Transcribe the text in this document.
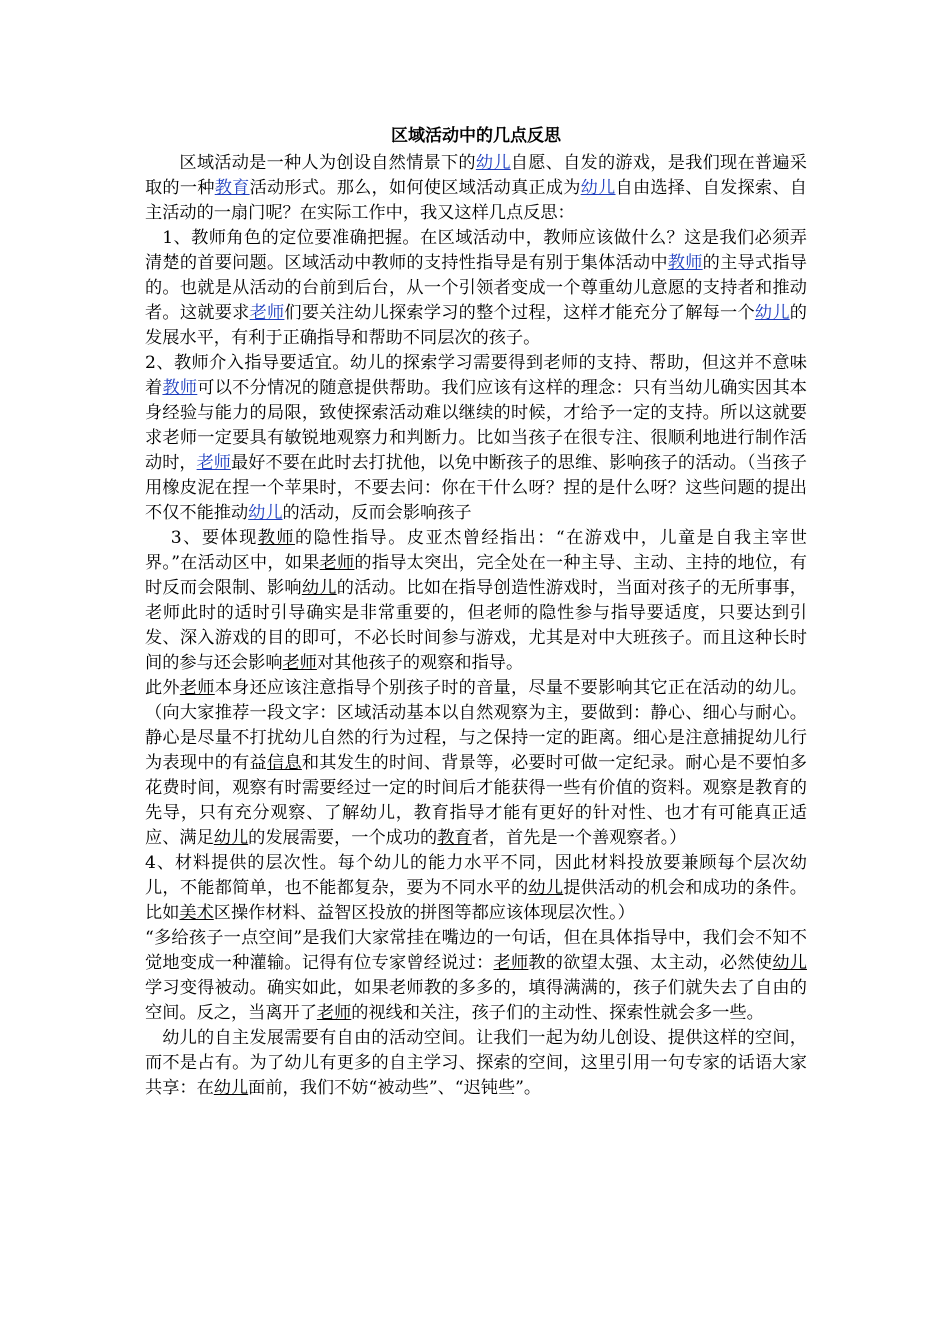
区域活动中的几点反思

区域活动是一种人为创设自然情景下的幼儿自愿、自发的游戏，是我们现在普遍采取的一种教育活动形式。那么，如何使区域活动真正成为幼儿自由选择、自发探索、自主活动的一扇门呢？在实际工作中，我又这样几点反思：

1、教师角色的定位要准确把握。在区域活动中，教师应该做什么？这是我们必须弄清楚的首要问题。区域活动中教师的支持性指导是有别于集体活动中教师的主导式指导的。也就是从活动的台前到后台，从一个引领者变成一个尊重幼儿意愿的支持者和推动者。这就要求老师们要关注幼儿探索学习的整个过程，这样才能充分了解每一个幼儿的发展水平，有利于正确指导和帮助不同层次的孩子。

2、教师介入指导要适宜。幼儿的探索学习需要得到老师的支持、帮助，但这并不意味着教师可以不分情况的随意提供帮助。我们应该有这样的理念：只有当幼儿确实因其本身经验与能力的局限，致使探索活动难以继续的时候，才给予一定的支持。所以这就要求老师一定要具有敏锐地观察力和判断力。比如当孩子在很专注、很顺利地进行制作活动时，老师最好不要在此时去打扰他，以免中断孩子的思维、影响孩子的活动。（当孩子用橡皮泥在捏一个苹果时，不要去问：你在干什么呀？捏的是什么呀？这些问题的提出不仅不能推动幼儿的活动，反而会影响孩子

3、要体现教师的隐性指导。皮亚杰曾经指出：“在游戏中，儿童是自我主宰世界。”在活动区中，如果老师的指导太突出，完全处在一种主导、主动、主持的地位，有时反而会限制、影响幼儿的活动。比如在指导创造性游戏时，当面对孩子的无所事事，老师此时的适时引导确实是非常重要的，但老师的隐性参与指导要适度，只要达到引发、深入游戏的目的即可，不必长时间参与游戏，尤其是对中大班孩子。而且这种长时间的参与还会影响老师对其他孩子的观察和指导。

此外老师本身还应该注意指导个别孩子时的音量，尽量不要影响其它正在活动的幼儿。（向大家推荐一段文字：区域活动基本以自然观察为主，要做到：静心、细心与耐心。静心是尽量不打扰幼儿自然的行为过程，与之保持一定的距离。细心是注意捕捉幼儿行为表现中的有益信息和其发生的时间、背景等，必要时可做一定纪录。耐心是不要怕多花费时间，观察有时需要经过一定的时间后才能获得一些有价值的资料。观察是教育的先导，只有充分观察、了解幼儿，教育指导才能有更好的针对性、也才有可能真正适应、满足幼儿的发展需要，一个成功的教育者，首先是一个善观察者。）

4、材料提供的层次性。每个幼儿的能力水平不同，因此材料投放要兼顾每个层次幼儿，不能都简单，也不能都复杂，要为不同水平的幼儿提供活动的机会和成功的条件。比如美术区操作材料、益智区投放的拼图等都应该体现层次性。）

“多给孩子一点空间”是我们大家常挂在嘴边的一句话，但在具体指导中，我们会不知不觉地变成一种灌输。记得有位专家曾经说过：老师教的欲望太强、太主动，必然使幼儿学习变得被动。确实如此，如果老师教的多多的，填得满满的，孩子们就失去了自由的空间。反之，当离开了老师的视线和关注，孩子们的主动性、探索性就会多一些。

幼儿的自主发展需要有自由的活动空间。让我们一起为幼儿创设、提供这样的空间，而不是占有。为了幼儿有更多的自主学习、探索的空间，这里引用一句专家的话语大家共享：在幼儿面前，我们不妨“被动些”、“迟钝些”。
